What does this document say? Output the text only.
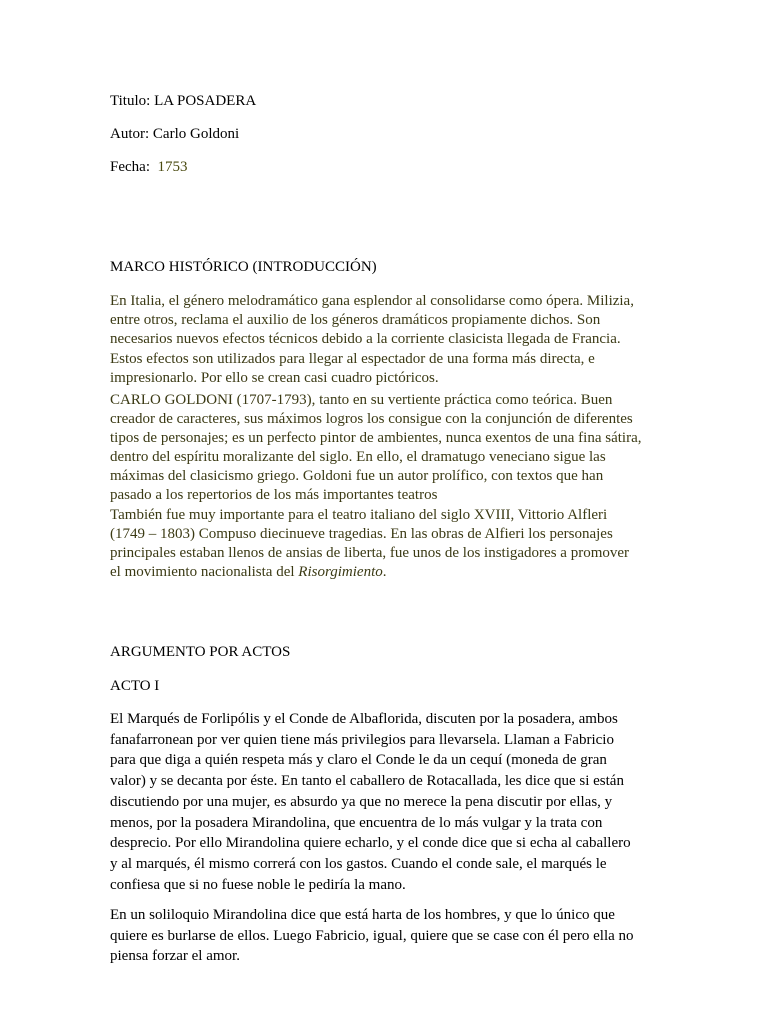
Titulo: LA POSADERA
Autor: Carlo Goldoni
Fecha: 1753
MARCO HISTÓRICO (INTRODUCCIÓN)
En Italia, el género melodramático gana esplendor al consolidarse como ópera. Milizia,
entre otros, reclama el auxilio de los géneros dramáticos propiamente dichos. Son
necesarios nuevos efectos técnicos debido a la corriente clasicista llegada de Francia.
Estos efectos son utilizados para llegar al espectador de una forma más directa, e
impresionarlo. Por ello se crean casi cuadro pictóricos.
CARLO GOLDONI (1707-1793), tanto en su vertiente práctica como teórica. Buen
creador de caracteres, sus máximos logros los consigue con la conjunción de diferentes
tipos de personajes; es un perfecto pintor de ambientes, nunca exentos de una fina sátira,
dentro del espíritu moralizante del siglo. En ello, el dramatugo veneciano sigue las
máximas del clasicismo griego. Goldoni fue un autor prolífico, con textos que han
pasado a los repertorios de los más importantes teatros
También fue muy importante para el teatro italiano del siglo XVIII, Vittorio Alfleri
(1749 – 1803) Compuso diecinueve tragedias. En las obras de Alfieri los personajes
principales estaban llenos de ansias de liberta, fue unos de los instigadores a promover
el movimiento nacionalista del Risorgimiento.
ARGUMENTO POR ACTOS
ACTO I
El Marqués de Forlipólis y el Conde de Albaflorida, discuten por la posadera, ambos
fanafarronean por ver quien tiene más privilegios para llevarsela. Llaman a Fabricio
para que diga a quién respeta más y claro el Conde le da un cequí (moneda de gran
valor) y se decanta por éste. En tanto el caballero de Rotacallada, les dice que si están
discutiendo por una mujer, es absurdo ya que no merece la pena discutir por ellas, y
menos, por la posadera Mirandolina, que encuentra de lo más vulgar y la trata con
desprecio. Por ello Mirandolina quiere echarlo, y el conde dice que si echa al caballero
y al marqués, él mismo correrá con los gastos. Cuando el conde sale, el marqués le
confiesa que si no fuese noble le pediría la mano.
En un soliloquio Mirandolina dice que está harta de los hombres, y que lo único que
quiere es burlarse de ellos. Luego Fabricio, igual, quiere que se case con él pero ella no
piensa forzar el amor.
